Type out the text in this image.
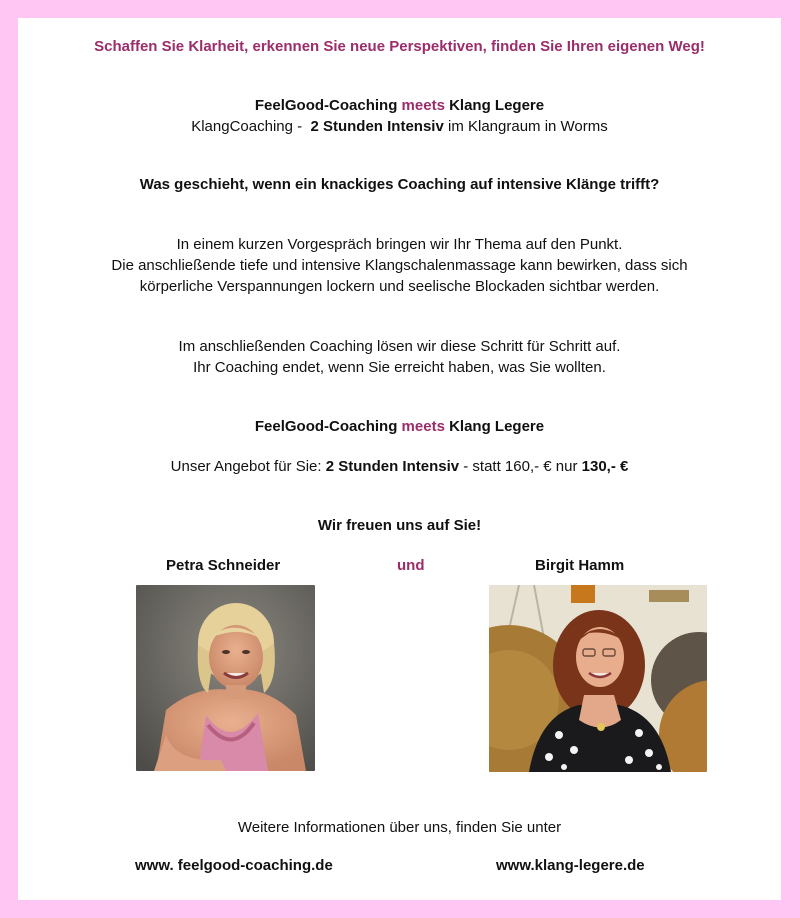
Schaffen Sie Klarheit, erkennen Sie neue Perspektiven, finden Sie Ihren eigenen Weg!
FeelGood-Coaching meets Klang Legere
KlangCoaching -  2 Stunden Intensiv im Klangraum in Worms
Was geschieht, wenn ein knackiges Coaching auf intensive Klänge trifft?
In einem kurzen Vorgespräch bringen wir Ihr Thema auf den Punkt.
Die anschließende tiefe und intensive Klangschalenmassage kann bewirken, dass sich
körperliche Verspannungen lockern und seelische Blockaden sichtbar werden.
Im anschließenden Coaching lösen wir diese Schritt für Schritt auf.
Ihr Coaching endet, wenn Sie erreicht haben, was Sie wollten.
FeelGood-Coaching meets Klang Legere
Unser Angebot für Sie: 2 Stunden Intensiv - statt 160,- € nur 130,- €
Wir freuen uns auf Sie!
Petra Schneider	und	Birgit Hamm
Weitere Informationen über uns, finden Sie unter
www. feelgood-coaching.de	www.klang-legere.de
